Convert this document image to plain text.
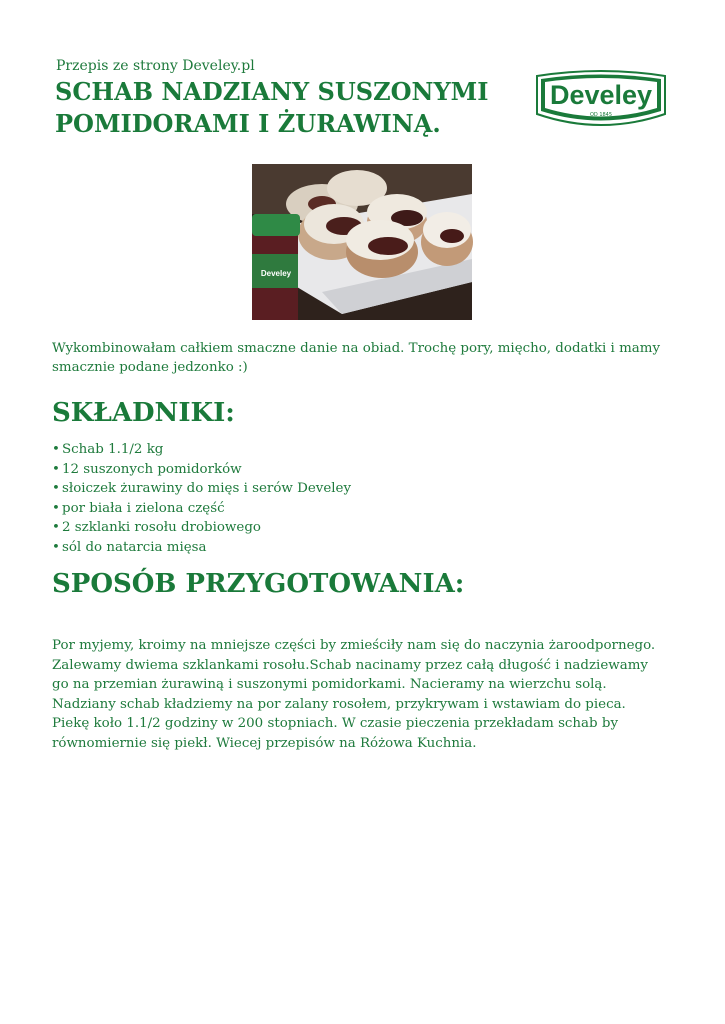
Przepis ze strony Develey.pl
SCHAB NADZIANY SUSZONYMI POMIDORAMI I ŻURAWINĄ.
Develey
OD 1845
Develey
Schab nadziewany suszonymi pomidorami i żurawiną
Wykombinowałam całkiem smaczne danie na obiad. Trochę pory, mięcho, dodatki i mamy smacznie podane jedzonko :)
SKŁADNIKI:
• Schab 1.1/2 kg
• 12 suszonych pomidorków
• słoiczek żurawiny do mięs i serów Develey
• por biała i zielona część
• 2 szklanki rosołu drobiowego
• sól do natarcia mięsa
SPOSÓB PRZYGOTOWANIA:
Por myjemy, kroimy na mniejsze części by zmieściły nam się do naczynia żaroodpornego. Zalewamy dwiema szklankami rosołu.Schab nacinamy przez całą długość i nadziewamy go na przemian żurawiną i suszonymi pomidorkami. Nacieramy na wierzchu solą. Nadziany schab kładziemy na por zalany rosołem, przykrywam i wstawiam do pieca. Piekę koło 1.1/2 godziny w 200 stopniach. W czasie pieczenia przekładam schab by równomiernie się piekł. Wiecej przepisów na Różowa Kuchnia.
